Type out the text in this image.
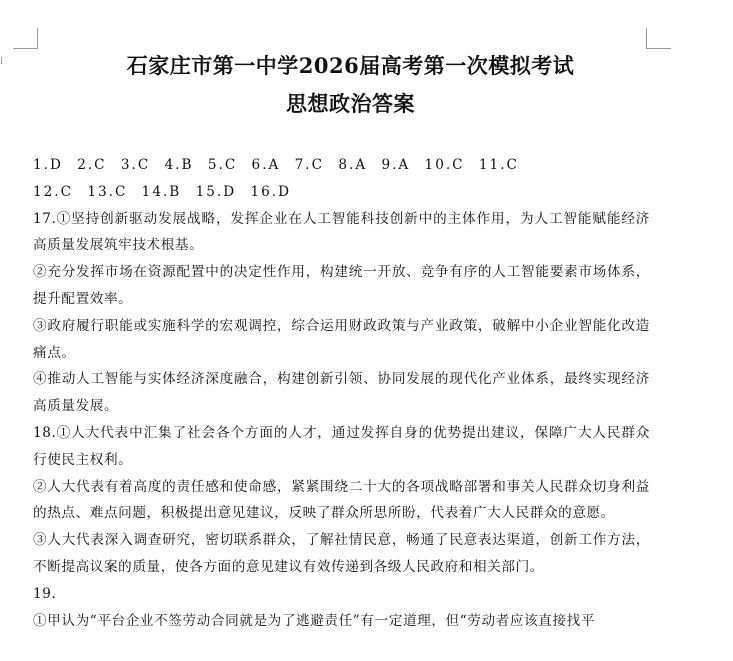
⁞	石家庄市第一中学2026届高考第一次模拟考试
思想政治答案

1.D 2.C 3.C 4.B 5.C 6.A 7.C 8.A 9.A 10.C 11.C

12.C 13.C 14.B 15.D 16.D

17.①坚持创新驱动发展战略，发挥企业在人工智能科技创新中的主体作用，为人工智能赋能经济高质量发展筑牢技术根基。

②充分发挥市场在资源配置中的决定性作用，构建统一开放、竞争有序的人工智能要素市场体系，提升配置效率。

③政府履行职能或实施科学的宏观调控，综合运用财政政策与产业政策，破解中小企业智能化改造痛点。

④推动人工智能与实体经济深度融合，构建创新引领、协同发展的现代化产业体系，最终实现经济高质量发展。

18.①人大代表中汇集了社会各个方面的人才，通过发挥自身的优势提出建议，保障广大人民群众行使民主权利。

②人大代表有着高度的责任感和使命感，紧紧围绕二十大的各项战略部署和事关人民群众切身利益的热点、难点问题，积极提出意见建议，反映了群众所思所盼，代表着广大人民群众的意愿。

③人大代表深入调查研究，密切联系群众，了解社情民意，畅通了民意表达渠道，创新工作方法，不断提高议案的质量，使各方面的意见建议有效传递到各级人民政府和相关部门。

19.

①甲认为“平台企业不签劳动合同就是为了逃避责任”有一定道理，但“劳动者应该直接找平
